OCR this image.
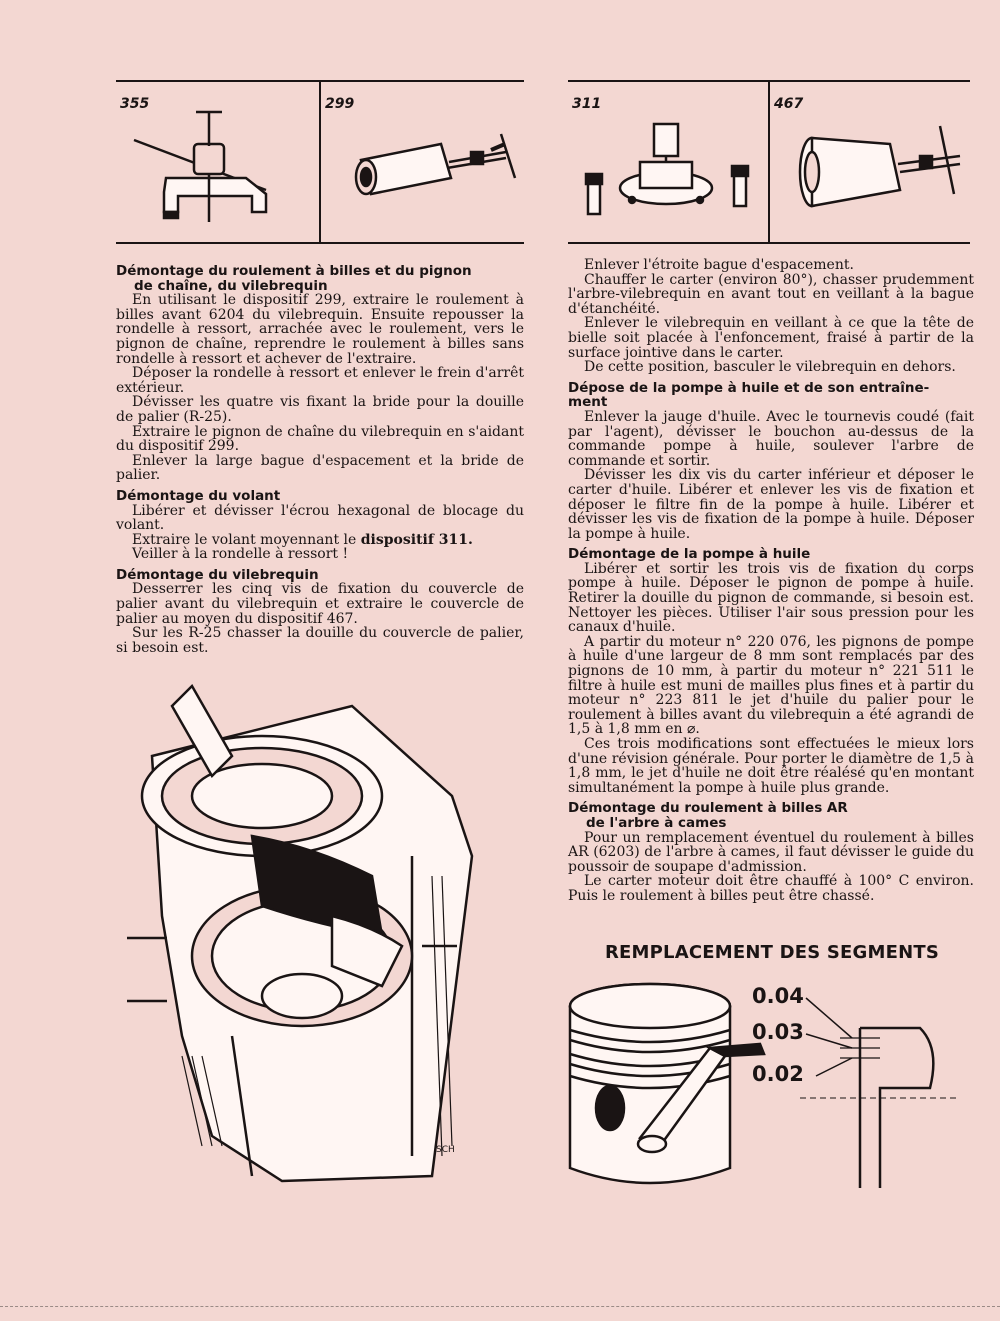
355	299	311	467
Démontage du roulement à billes et du pignon
de chaîne, du vilebrequin

En utilisant le dispositif 299, extraire le roulement à billes avant 6204 du vilebrequin. Ensuite repousser la rondelle à ressort, arrachée avec le roulement, vers le pignon de chaîne, reprendre le roulement à billes sans rondelle à ressort et achever de l'extraire.

Déposer la rondelle à ressort et enlever le frein d'arrêt extérieur.

Dévisser les quatre vis fixant la bride pour la douille de palier (R-25).

Extraire le pignon de chaîne du vilebrequin en s'aidant du dispositif 299.

Enlever la large bague d'espacement et la bride de palier.

Démontage du volant

Libérer et dévisser l'écrou hexagonal de blocage du volant.

Extraire le volant moyennant le dispositif 311.

Veiller à la rondelle à ressort !

Démontage du vilebrequin

Desserrer les cinq vis de fixation du couvercle de palier avant du vilebrequin et extraire le couvercle de palier au moyen du dispositif 467.

Sur les R-25 chasser la douille du couvercle de palier, si besoin est.

SCH

Enlever l'étroite bague d'espacement.

Chauffer le carter (environ 80°), chasser prudemment l'arbre-vilebrequin en avant tout en veillant à la bague d'étanchéité.

Enlever le vilebrequin en veillant à ce que la tête de bielle soit placée à l'enfoncement, fraisé à partir de la surface jointive dans le carter.

De cette position, basculer le vilebrequin en dehors.

Dépose de la pompe à huile et de son entraîne-
ment

Enlever la jauge d'huile. Avec le tournevis coudé (fait par l'agent), dévisser le bouchon au-dessus de la commande pompe à huile, soulever l'arbre de commande et sortir.

Dévisser les dix vis du carter inférieur et déposer le carter d'huile. Libérer et enlever les vis de fixation et déposer le filtre fin de la pompe à huile. Libérer et dévisser les vis de fixation de la pompe à huile. Déposer la pompe à huile.

Démontage de la pompe à huile

Libérer et sortir les trois vis de fixation du corps pompe à huile. Déposer le pignon de pompe à huile. Retirer la douille du pignon de commande, si besoin est. Nettoyer les pièces. Utiliser l'air sous pression pour les canaux d'huile.

A partir du moteur n° 220 076, les pignons de pompe à huile d'une largeur de 8 mm sont remplacés par des pignons de 10 mm, à partir du moteur n° 221 511 le filtre à huile est muni de mailles plus fines et à partir du moteur n° 223 811 le jet d'huile du palier pour le roulement à billes avant du vilebrequin a été agrandi de 1,5 à 1,8 mm en ⌀.

Ces trois modifications sont effectuées le mieux lors d'une révision générale. Pour porter le diamètre de 1,5 à 1,8 mm, le jet d'huile ne doit être réalésé qu'en montant simultanément la pompe à huile plus grande.

Démontage du roulement à billes AR
de l'arbre à cames

Pour un remplacement éventuel du roulement à billes AR (6203) de l'arbre à cames, il faut dévisser le guide du poussoir de soupape d'admission.

Le carter moteur doit être chauffé à 100° C environ. Puis le roulement à billes peut être chassé.

REMPLACEMENT DES SEGMENTS
0.04
0.03
0.02
